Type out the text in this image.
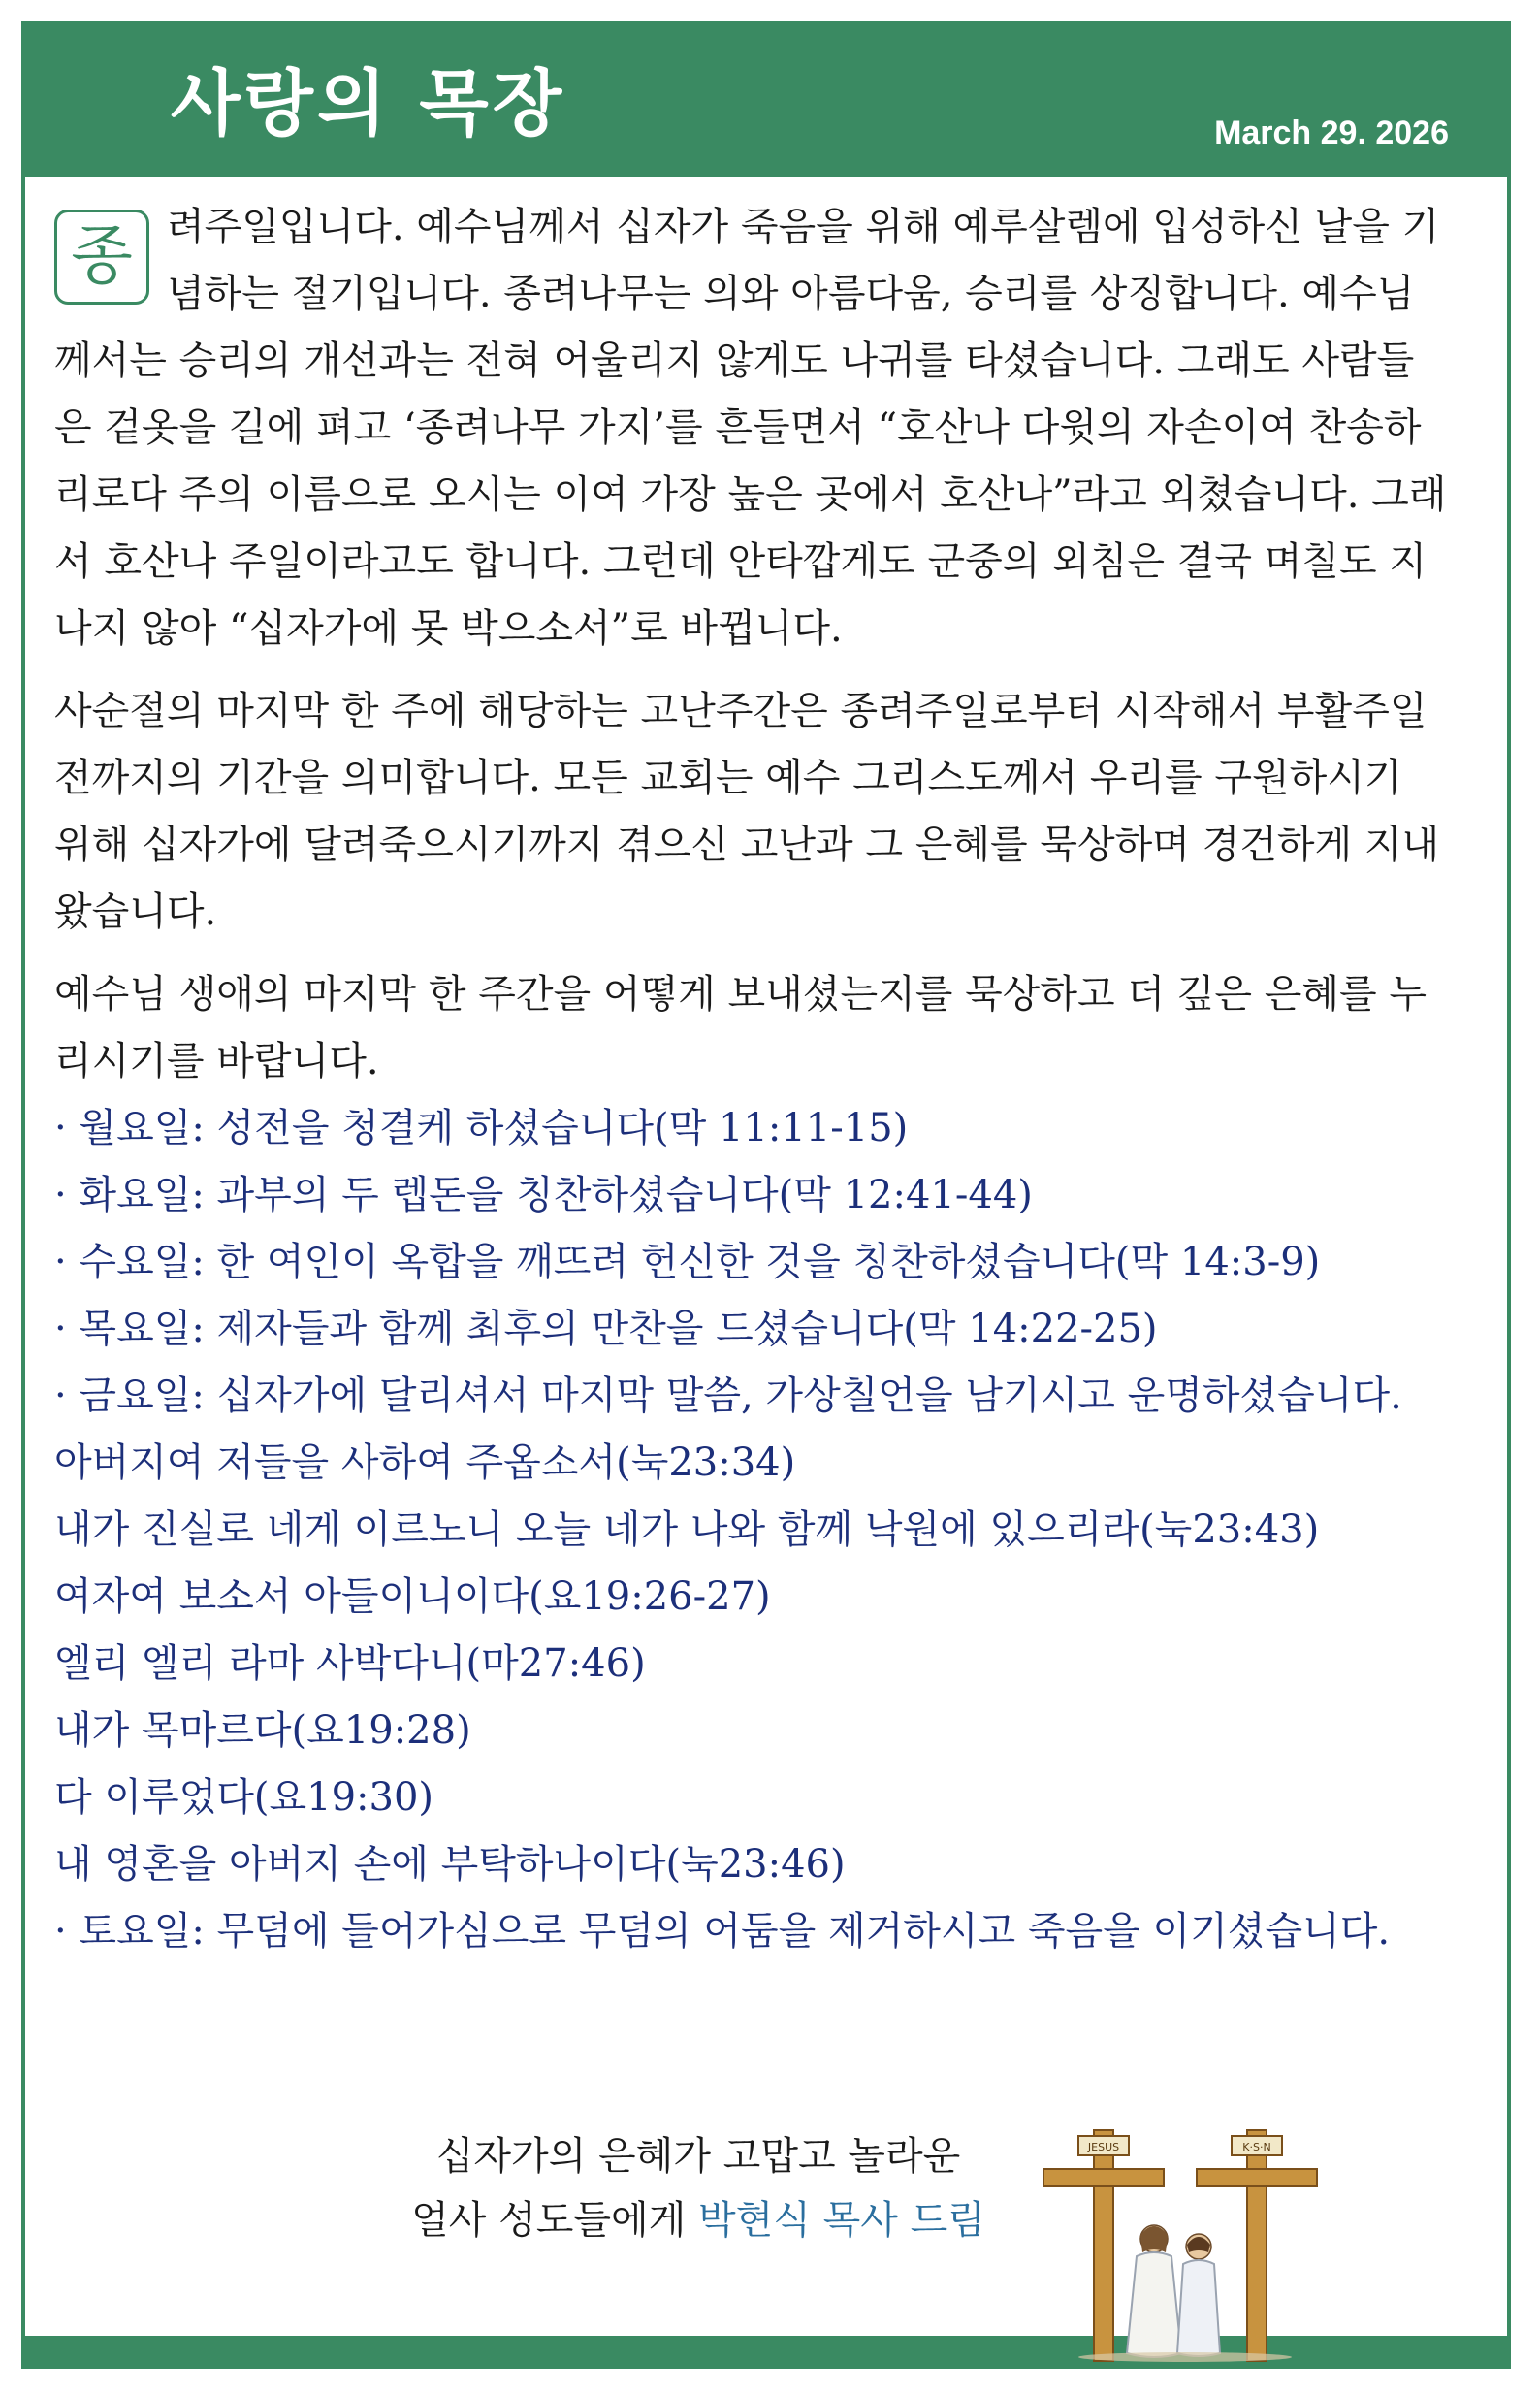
사랑의 목장	March 29. 2026

종 려주일입니다. 예수님께서 십자가 죽음을 위해 예루살렘에 입성하신 날을 기념하는 절기입니다. 종려나무는 의와 아름다움, 승리를 상징합니다. 예수님께서는 승리의 개선과는 전혀 어울리지 않게도 나귀를 타셨습니다. 그래도 사람들은 겉옷을 길에 펴고 ‘종려나무 가지’를 흔들면서 “호산나 다윗의 자손이여 찬송하리로다 주의 이름으로 오시는 이여 가장 높은 곳에서 호산나”라고 외쳤습니다. 그래서 호산나 주일이라고도 합니다. 그런데 안타깝게도 군중의 외침은 결국 며칠도 지나지 않아 “십자가에 못 박으소서”로 바뀝니다.

사순절의 마지막 한 주에 해당하는 고난주간은 종려주일로부터 시작해서 부활주일 전까지의 기간을 의미합니다. 모든 교회는 예수 그리스도께서 우리를 구원하시기 위해 십자가에 달려죽으시기까지 겪으신 고난과 그 은혜를 묵상하며 경건하게 지내왔습니다.

예수님 생애의 마지막 한 주간을 어떻게 보내셨는지를 묵상하고 더 깊은 은혜를 누리시기를 바랍니다.

· 월요일: 성전을 청결케 하셨습니다(막 11:11-15)
· 화요일: 과부의 두 렙돈을 칭찬하셨습니다(막 12:41-44)
· 수요일: 한 여인이 옥합을 깨뜨려 헌신한 것을 칭찬하셨습니다(막 14:3-9)
· 목요일: 제자들과 함께 최후의 만찬을 드셨습니다(막 14:22-25)
· 금요일: 십자가에 달리셔서 마지막 말씀, 가상칠언을 남기시고 운명하셨습니다.
아버지여 저들을 사하여 주옵소서(눅23:34)
내가 진실로 네게 이르노니 오늘 네가 나와 함께 낙원에 있으리라(눅23:43)
여자여 보소서 아들이니이다(요19:26-27)
엘리 엘리 라마 사박다니(마27:46)
내가 목마르다(요19:28)
다 이루었다(요19:30)
내 영혼을 아버지 손에 부탁하나이다(눅23:46)
· 토요일: 무덤에 들어가심으로 무덤의 어둠을 제거하시고 죽음을 이기셨습니다.
십자가의 은혜가 고맙고 놀라운
얼사 성도들에게 박현식 목사 드림
JESUS	K·S·N
